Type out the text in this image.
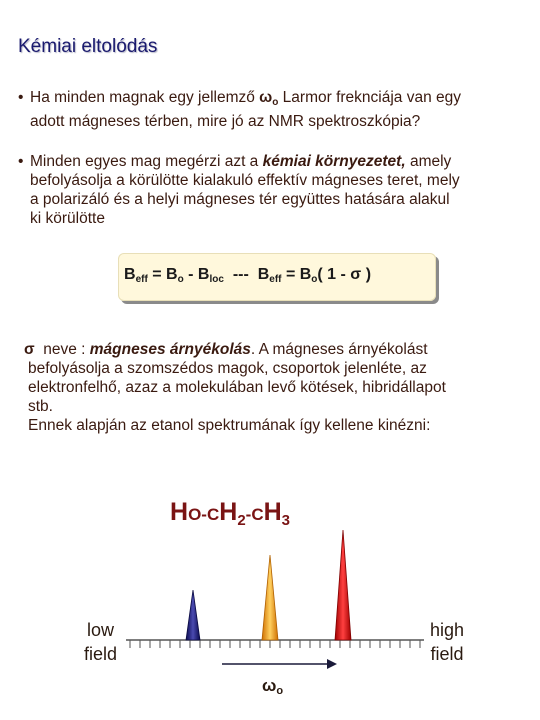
Kémiai eltolódás
• Ha minden magnak egy jellemző $\omega_o$ Larmor freknciája van egy
adott mágneses térben, mire jó az NMR spektroszkópia?
• Minden egyes mag megérzi azt a kémiai környezetet, amely
befolyásolja a körülötte kialakuló effektív mágneses teret, mely
a polarizáló és a helyi mágneses tér együttes hatására alakul
ki körülötte
$B_{eff} = B_o - B_{loc}$  ---  $B_{eff} = B_o$( 1 - σ )
σ  neve : mágneses árnyékolás. A mágneses árnyékolást
befolyásolja a szomszédos magok, csoportok jelenléte, az
elektronfelhő, azaz a molekulában levő kötések, hibridállapot
stb.
Ennek alapján az etanol spektrumának így kellene kinézni:
$HO-CH_2-CH_3$
low
field
high
field
$\omega_o$
